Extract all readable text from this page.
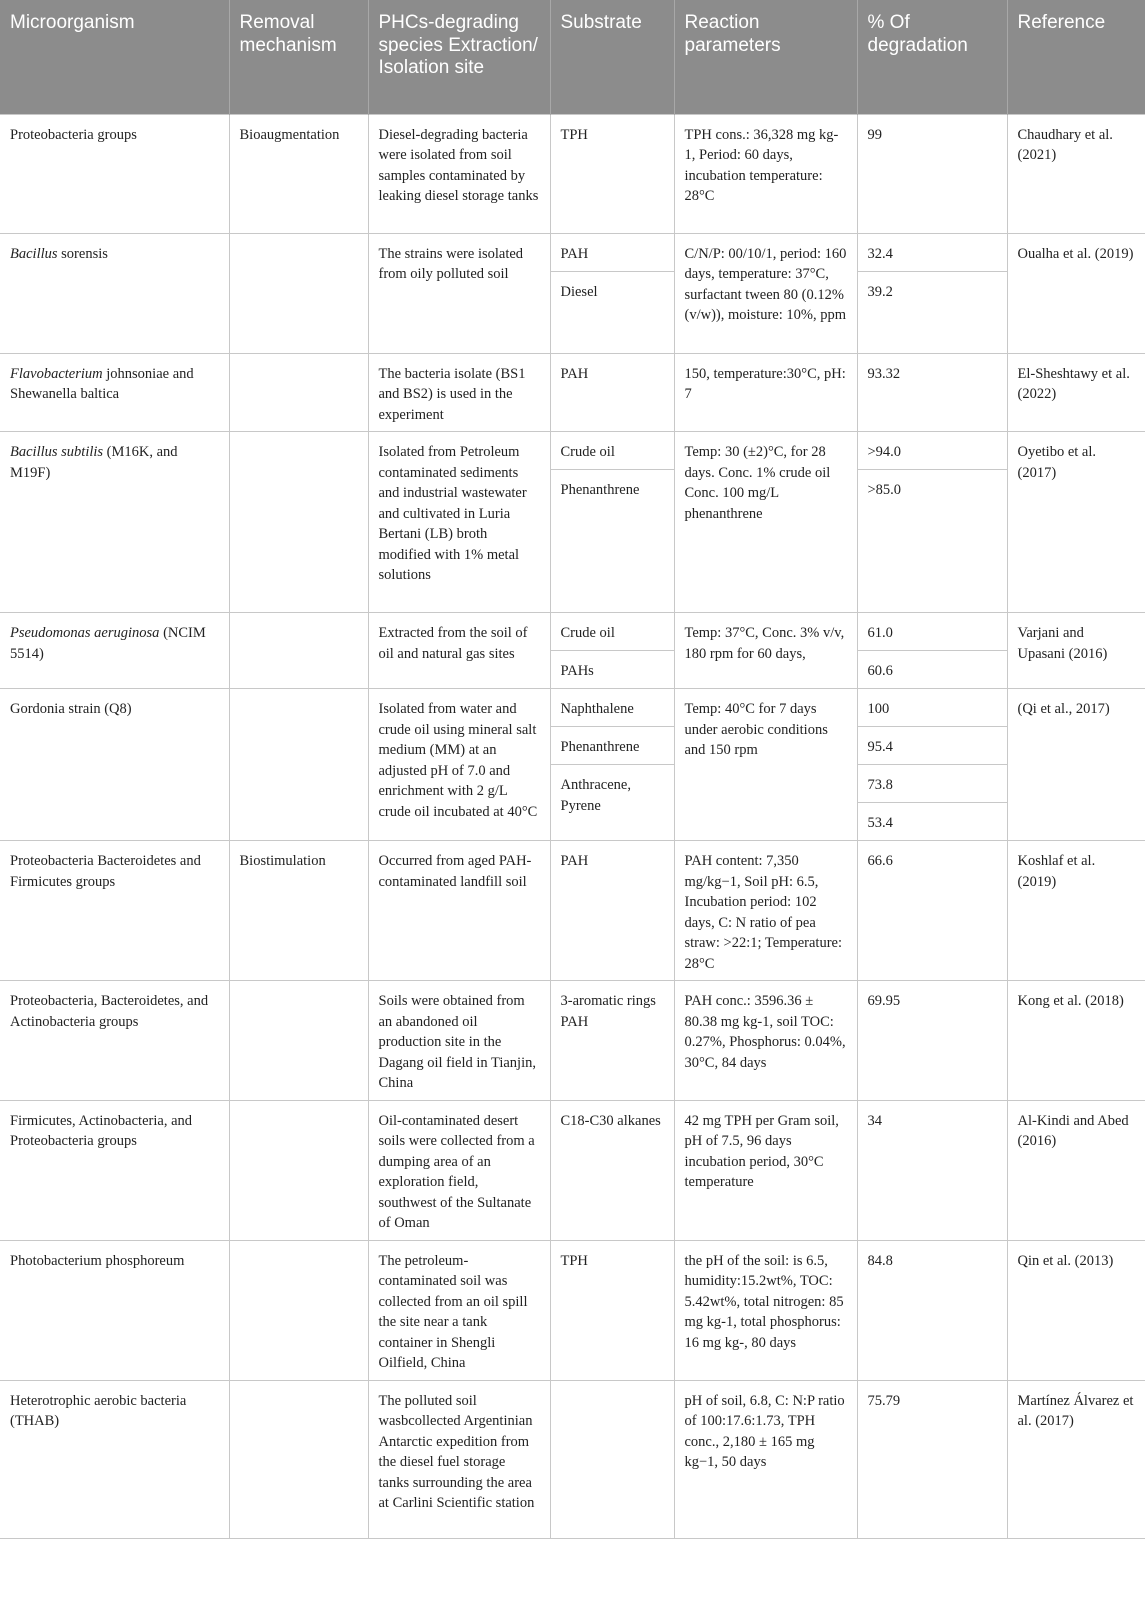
Microorganism	Removal mechanism	PHCs-degrading species Extraction/ Isolation site	Substrate	Reaction parameters	% Of degradation	Reference
Proteobacteria groups	Bioaugmentation	Diesel-degrading bacteria were isolated from soil samples contaminated by leaking diesel storage tanks	TPH	TPH cons.: 36,328 mg kg-1, Period: 60 days, incubation temperature: 28°C	99	Chaudhary et al. (2021)
Bacillus sorensis		The strains were isolated from oily polluted soil	PAH	C/N/P: 00/10/1, period: 160 days, temperature: 37°C, surfactant tween 80 (0.12% (v/w)), moisture: 10%, ppm	32.4	Oualha et al. (2019)
			Diesel		39.2	
Flavobacterium johnsoniae and Shewanella baltica		The bacteria isolate (BS1 and BS2) is used in the experiment	PAH	150, temperature:30°C, pH: 7	93.32	El-Sheshtawy et al. (2022)
Bacillus subtilis (M16K, and M19F)		Isolated from Petroleum contaminated sediments and industrial wastewater and cultivated in Luria Bertani (LB) broth modified with 1% metal solutions	Crude oil	Temp: 30 (±2)°C, for 28 days. Conc. 1% crude oil Conc. 100 mg/L phenanthrene	>94.0	Oyetibo et al. (2017)
			Phenanthrene		>85.0	
Pseudomonas aeruginosa (NCIM 5514)		Extracted from the soil of oil and natural gas sites	Crude oil	Temp: 37°C, Conc. 3% v/v, 180 rpm for 60 days,	61.0	Varjani and Upasani (2016)
			PAHs		60.6	
Gordonia strain (Q8)		Isolated from water and crude oil using mineral salt medium (MM) at an adjusted pH of 7.0 and enrichment with 2 g/L crude oil incubated at 40°C	Naphthalene	Temp: 40°C for 7 days under aerobic conditions and 150 rpm	100	(Qi et al., 2017)
			Phenanthrene		95.4	
			Anthracene, Pyrene		73.8	
					53.4	
Proteobacteria Bacteroidetes and Firmicutes groups	Biostimulation	Occurred from aged PAH-contaminated landfill soil	PAH	PAH content: 7,350 mg/kg−1, Soil pH: 6.5, Incubation period: 102 days, C: N ratio of pea straw: >22:1; Temperature: 28°C	66.6	Koshlaf et al. (2019)
Proteobacteria, Bacteroidetes, and Actinobacteria groups		Soils were obtained from an abandoned oil production site in the Dagang oil field in Tianjin, China	3-aromatic rings PAH	PAH conc.: 3596.36 ± 80.38 mg kg-1, soil TOC: 0.27%, Phosphorus: 0.04%, 30°C, 84 days	69.95	Kong et al. (2018)
Firmicutes, Actinobacteria, and Proteobacteria groups		Oil-contaminated desert soils were collected from a dumping area of an exploration field, southwest of the Sultanate of Oman	C18-C30 alkanes	42 mg TPH per Gram soil, pH of 7.5, 96 days incubation period, 30°C temperature	34	Al-Kindi and Abed (2016)
Photobacterium phosphoreum		The petroleum-contaminated soil was collected from an oil spill the site near a tank container in Shengli Oilfield, China	TPH	the pH of the soil: is 6.5, humidity:15.2wt%, TOC: 5.42wt%, total nitrogen: 85 mg kg-1, total phosphorus: 16 mg kg-, 80 days	84.8	Qin et al. (2013)
Heterotrophic aerobic bacteria (THAB)		The polluted soil wasbcollected Argentinian Antarctic expedition from the diesel fuel storage tanks surrounding the area at Carlini Scientific station		pH of soil, 6.8, C: N:P ratio of 100:17.6:1.73, TPH conc., 2,180 ± 165 mg kg−1, 50 days	75.79	Martínez Álvarez et al. (2017)
